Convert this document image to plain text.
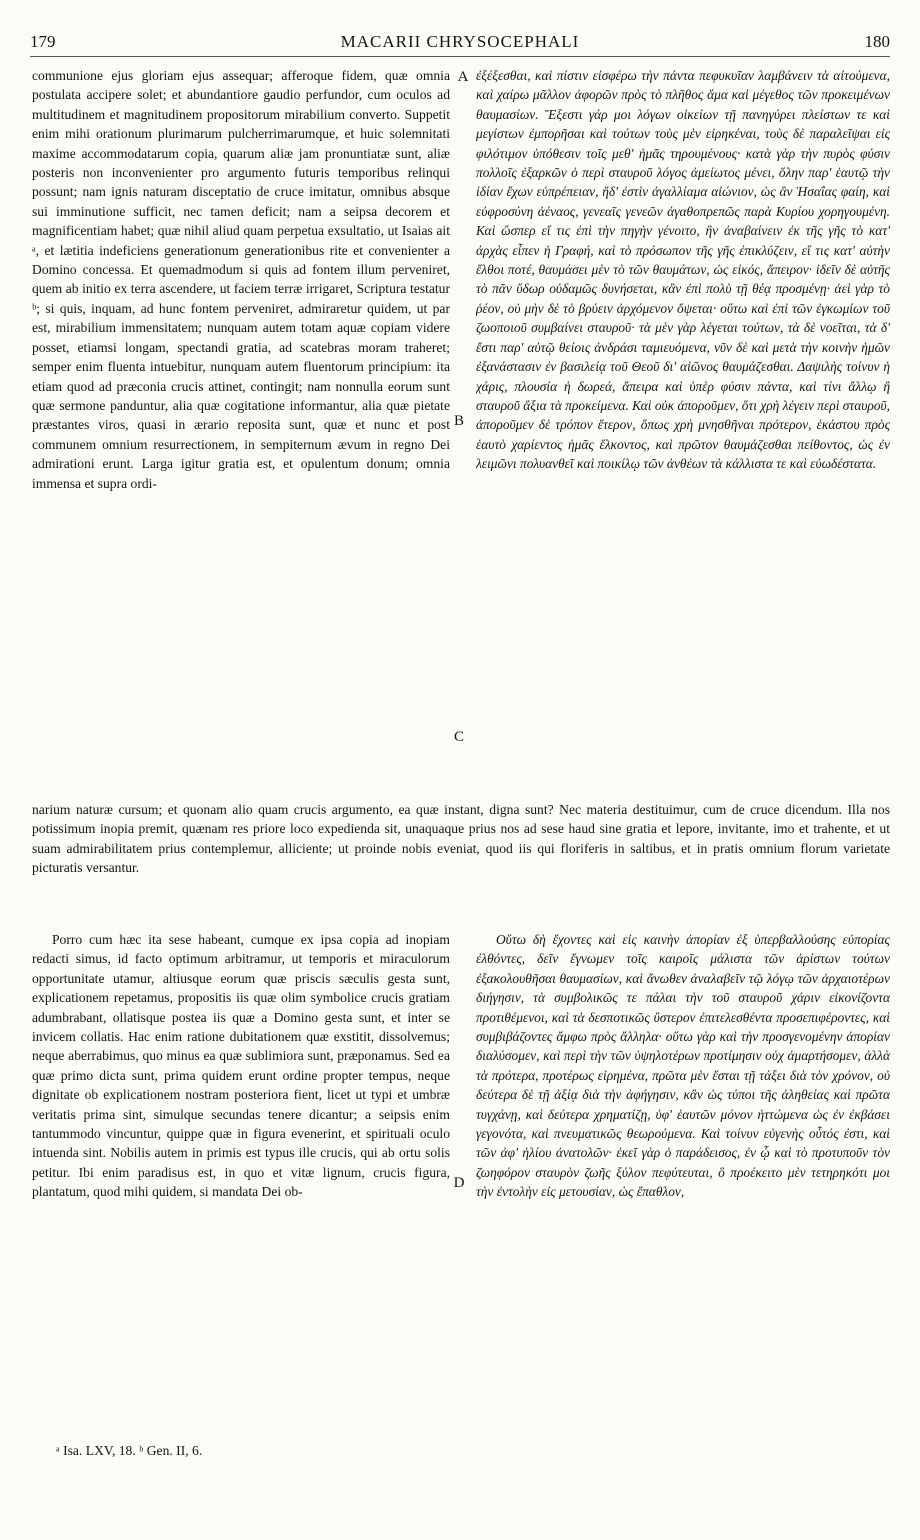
179	MACARII CHRYSOCEPHALI	180

communione ejus gloriam ejus assequar; afferoque fidem, quæ omnia postulata accipere solet; et abundantiore gaudio perfundor, cum oculos ad multitudinem et magnitudinem propositorum mirabilium converto. Suppetit enim mihi orationum plurimarum pulcherrimarumque, et huic solemnitati maxime accommodatarum copia, quarum aliæ jam pronuntiatæ sunt, aliæ posteris non inconvenienter pro argumento futuris temporibus relinqui possunt; nam ignis naturam disceptatio de cruce imitatur, omnibus absque sui imminutione sufficit, nec tamen deficit; nam a seipsa decorem et magnificentiam habet; quæ nihil aliud quam perpetua exsultatio, ut Isaias ait ᵃ, et lætitia indeficiens generationum generationibus rite et convenienter a Domino concessa. Et quemadmodum si quis ad fontem illum perveniret, quem ab initio ex terra ascendere, ut faciem terræ irrigaret, Scriptura testatur ᵇ; si quis, inquam, ad hunc fontem perveniret, admiraretur quidem, ut par est, mirabilium immensitatem; nunquam autem totam aquæ copiam videre posset, etiamsi longam, spectandi gratia, ad scatebras moram traheret; semper enim fluenta intuebitur, nunquam autem fluentorum principium: ita etiam quod ad præconia crucis attinet, contingit; nam nonnulla eorum sunt quæ sermone panduntur, alia quæ cogitatione informantur, alia quæ pietate præstantes viros, quasi in ærario reposita sunt, quæ et nunc et post communem omnium resurrectionem, in sempiternum ævum in regno Dei admirationi erunt. Larga igitur gratia est, et opulentum donum; omnia immensa et supra ordi-

ἐξέξεσθαι, καὶ πίστιν εἰσφέρω τὴν πάντα πεφυκυῖαν λαμβάνειν τὰ αἰτούμενα, καὶ χαίρω μᾶλλον ἀφορῶν πρὸς τὸ πλῆθος ἅμα καὶ μέγεθος τῶν προκειμένων θαυμασίων. Ἔξεστι γάρ μοι λόγων οἰκείων τῇ πανηγύρει πλείστων τε καὶ μεγίστων ἐμπορῆσαι καὶ τούτων τοὺς μὲν εἰρηκέναι, τοὺς δὲ παραλεῖψαι εἰς φιλότιμον ὑπόθεσιν τοῖς μεθ' ἡμᾶς τηρουμένους· κατὰ γὰρ τὴν πυρὸς φύσιν πολλοῖς ἐξαρκῶν ὁ περὶ σταυροῦ λόγος ἀμείωτος μένει, ὅλην παρ' ἑαυτῷ τὴν ἰδίαν ἔχων εὐπρέπειαν, ἥδ' ἐστὶν ἀγαλλίαμα αἰώνιον, ὡς ἂν Ἡσαΐας φαίη, καὶ εὐφροσύνη ἀέναος, γενεαῖς γενεῶν ἀγαθοπρεπῶς παρὰ Κυρίου χορηγουμένη. Καὶ ὥσπερ εἴ τις ἐπὶ τὴν πηγὴν γένοιτο, ἣν ἀναβαίνειν ἐκ τῆς γῆς τὸ κατ' ἀρχὰς εἶπεν ἡ Γραφή, καὶ τὸ πρόσωπον τῆς γῆς ἐπικλύζειν, εἴ τις κατ' αὐτὴν ἔλθοι ποτέ, θαυμάσει μὲν τὸ τῶν θαυμάτων, ὡς εἰκός, ἄπειρον· ἰδεῖν δὲ αὐτῆς τὸ πᾶν ὕδωρ οὐδαμῶς δυνήσεται, κἂν ἐπὶ πολὺ τῇ θέᾳ προσμένῃ· ἀεὶ γὰρ τὸ ῥέον, οὐ μὴν δὲ τὸ βρύειν ἀρχόμενον ὄψεται· οὕτω καὶ ἐπὶ τῶν ἐγκωμίων τοῦ ζωοποιοῦ συμβαίνει σταυροῦ· τὰ μὲν γὰρ λέγεται τούτων, τὰ δὲ νοεῖται, τὰ δ' ἔστι παρ' αὐτῷ θείοις ἀνδράσι ταμιευόμενα, νῦν δὲ καὶ μετὰ τὴν κοινὴν ἡμῶν ἐξανάστασιν ἐν βασιλείᾳ τοῦ Θεοῦ δι' αἰῶνος θαυμάζεσθαι. Δαψιλὴς τοίνυν ἡ χάρις, πλουσία ἡ δωρεά, ἄπειρα καὶ ὑπὲρ φύσιν πάντα, καὶ τίνι ἄλλῳ ἢ σταυροῦ ἄξια τὰ προκείμενα. Καὶ οὐκ ἀποροῦμεν, ὅτι χρὴ λέγειν περὶ σταυροῦ, ἀποροῦμεν δὲ τρόπον ἕτερον, ὅπως χρὴ μνησθῆναι πρότερον, ἑκάστου πρὸς ἑαυτὸ χαρίεντος ἡμᾶς ἕλκοντος, καὶ πρῶτον θαυμάζεσθαι πείθοντος, ὡς ἐν λειμῶνι πολυανθεῖ καὶ ποικίλῳ τῶν ἀνθέων τὰ κάλλιστα τε καὶ εὐωδέστατα.

A
B
C

narium naturæ cursum; et quonam alio quam crucis argumento, ea quæ instant, digna sunt? Nec materia destituimur, cum de cruce dicendum. Illa nos potissimum inopia premit, quænam res priore loco expedienda sit, unaquaque prius nos ad sese haud sine gratia et lepore, invitante, imo et trahente, et ut suam admirabilitatem prius contemplemur, alliciente; ut proinde nobis eveniat, quod iis qui floriferis in saltibus, et in pratis omnium florum varietate picturatis versantur.

Porro cum hæc ita sese habeant, cumque ex ipsa copia ad inopiam redacti simus, id facto optimum arbitramur, ut temporis et miraculorum opportunitate utamur, altiusque eorum quæ priscis sæculis gesta sunt, explicationem repetamus, propositis iis quæ olim symbolice crucis gratiam adumbrabant, ollatisque postea iis quæ a Domino gesta sunt, et inter se invicem collatis. Hac enim ratione dubitationem quæ exstitit, dissolvemus; neque aberrabimus, quo minus ea quæ sublimiora sunt, præponamus. Sed ea quæ primo dicta sunt, prima quidem erunt ordine propter tempus, neque dignitate ob explicationem nostram posteriora fient, licet ut typi et umbræ veritatis prima sint, simulque secundas tenere dicantur; a seipsis enim tantummodo vincuntur, quippe quæ in figura evenerint, et spirituali oculo intuenda sint. Nobilis autem in primis est typus ille crucis, qui ab ortu solis petitur. Ibi enim paradisus est, in quo et vitæ lignum, crucis figura, plantatum, quod mihi quidem, si mandata Dei ob-

Οὕτω δὴ ἔχοντες καὶ εἰς καινὴν ἀπορίαν ἐξ ὑπερβαλλούσης εὐπορίας ἐλθόντες, δεῖν ἔγνωμεν τοῖς καιροῖς μάλιστα τῶν ἀρίστων τούτων ἐξακολουθῆσαι θαυμασίων, καὶ ἄνωθεν ἀναλαβεῖν τῷ λόγῳ τῶν ἀρχαιοτέρων διήγησιν, τὰ συμβολικῶς τε πάλαι τὴν τοῦ σταυροῦ χάριν εἰκονίζοντα προτιθέμενοι, καὶ τὰ δεσποτικῶς ὕστερον ἐπιτελεσθέντα προσεπιφέροντες, καὶ συμβιβάζοντες ἄμφω πρὸς ἄλληλα· οὕτω γὰρ καὶ τὴν προσγενομένην ἀπορίαν διαλύσομεν, καὶ περὶ τὴν τῶν ὑψηλοτέρων προτίμησιν οὐχ ἁμαρτήσομεν, ἀλλὰ τὰ πρότερα, προτέρως εἰρημένα, πρῶτα μὲν ἔσται τῇ τάξει διὰ τὸν χρόνον, οὐ δεύτερα δὲ τῇ ἀξίᾳ διὰ τὴν ἀφήγησιν, κἂν ὡς τύποι τῆς ἀληθείας καὶ πρῶτα τυγχάνῃ, καὶ δεύτερα χρηματίζῃ, ὑφ' ἑαυτῶν μόνον ἡττώμενα ὡς ἐν ἐκβάσει γεγονότα, καὶ πνευματικῶς θεωρούμενα. Καὶ τοίνυν εὐγενὴς οὗτός ἐστι, καὶ τῶν ἀφ' ἡλίου ἀνατολῶν· ἐκεῖ γὰρ ὁ παράδεισος, ἐν ᾧ καὶ τὸ προτυποῦν τὸν ζωηφόρον σταυρὸν ζωῆς ξύλον πεφύτευται, ὃ προέκειτο μὲν τετηρηκότι μοι τὴν ἐντολὴν εἰς μετουσίαν, ὡς ἔπαθλον,

D
ᵃ Isa. LXV, 18. ᵇ Gen. II, 6.
